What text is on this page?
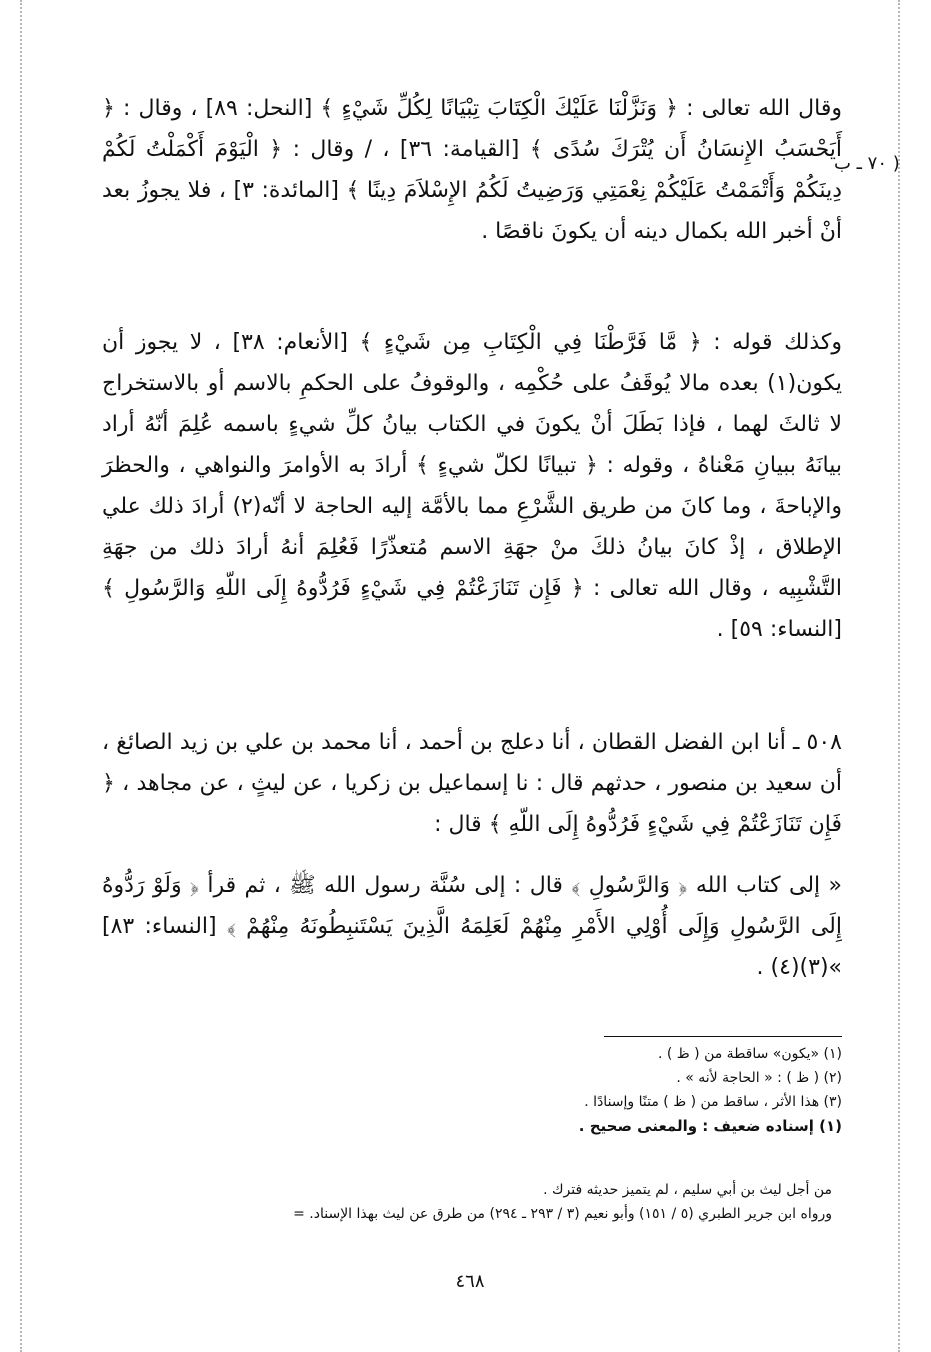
وقال الله تعالى : ﴿ وَنَزَّلْنَا عَلَيْكَ الْكِتَابَ تِبْيَانًا لِكُلِّ شَيْءٍ ﴾ [النحل: ٨٩] ، وقال : ﴿ أَيَحْسَبُ الإِنسَانُ أَن يُتْرَكَ سُدًى ﴾ [القيامة: ٣٦] ، / وقال : ﴿ الْيَوْمَ أَكْمَلْتُ لَكُمْ دِينَكُمْ وَأَتْمَمْتُ عَلَيْكُمْ نِعْمَتِي وَرَضِيتُ لَكُمُ الإِسْلاَمَ دِينًا ﴾ [المائدة: ٣] ، فلا يجوزُ بعد أنْ أخبر الله بكمال دينه أن يكونَ ناقصًا .

( ٧٠ ـ ب

وكذلك قوله : ﴿ مَّا فَرَّطْنَا فِي الْكِتَابِ مِن شَيْءٍ ﴾ [الأنعام: ٣٨] ، لا يجوز أن يكون(١) بعده مالا يُوقَفُ على حُكْمِه ، والوقوفُ على الحكمِ بالاسم أو بالاستخراج لا ثالثَ لهما ، فإذا بَطَلَ أنْ يكونَ في الكتاب بيانُ كلِّ شيءٍ باسمه عُلِمَ أنّهُ أراد بيانَهُ ببيانِ مَعْناهُ ، وقوله : ﴿ تبيانًا لكلّ شيءٍ ﴾ أرادَ به الأوامرَ والنواهي ، والحظرَ والإباحةَ ، وما كانَ من طريق الشَّرْعِ مما بالأمَّة إليه الحاجة لا أنّه(٢) أرادَ ذلك علي الإطلاق ، إذْ كانَ بيانُ ذلكَ منْ جهَةِ الاسم مُتعذّرًا فَعُلِمَ أنهُ أرادَ ذلك من جهَةِ التَّشْبِيه ، وقال الله تعالى : ﴿ فَإِن تَنَازَعْتُمْ فِي شَيْءٍ فَرُدُّوهُ إِلَى اللّهِ وَالرَّسُولِ ﴾ [النساء: ٥٩] .

٥٠٨ ـ أنا ابن الفضل القطان ، أنا دعلج بن أحمد ، أنا محمد بن علي بن زيد الصائغ ، أن سعيد بن منصور ، حدثهم قال : نا إسماعيل بن زكريا ، عن ليثٍ ، عن مجاهد ، ﴿ فَإِن تَنَازَعْتُمْ فِي شَيْءٍ فَرُدُّوهُ إِلَى اللّهِ ﴾ قال :

« إلى كتاب الله ﴿ وَالرَّسُولِ ﴾ قال : إلى سُنَّة رسول الله ﷺ ، ثم قرأ ﴿ وَلَوْ رَدُّوهُ إِلَى الرَّسُولِ وَإِلَى أُوْلِي الأَمْرِ مِنْهُمْ لَعَلِمَهُ الَّذِينَ يَسْتَنبِطُونَهُ مِنْهُمْ ﴾ [النساء: ٨٣] »(٣)(٤) .

(١) «يكون» ساقطة من ( ظ ) .
(٢) ( ظ ) : « الحاجة لأنه » .
(٣) هذا الأثر ، ساقط من ( ظ ) متنًا وإسنادًا .
(١) إسناده ضعيف : والمعنى صحيح .
من أجل ليث بن أبي سليم ، لم يتميز حديثه فترك .
ورواه ابن جرير الطبري (٥ / ١٥١) وأبو نعيم (٣ / ٢٩٣ ـ ٢٩٤) من طرق عن ليث بهذا الإسناد. =
٤٦٨
